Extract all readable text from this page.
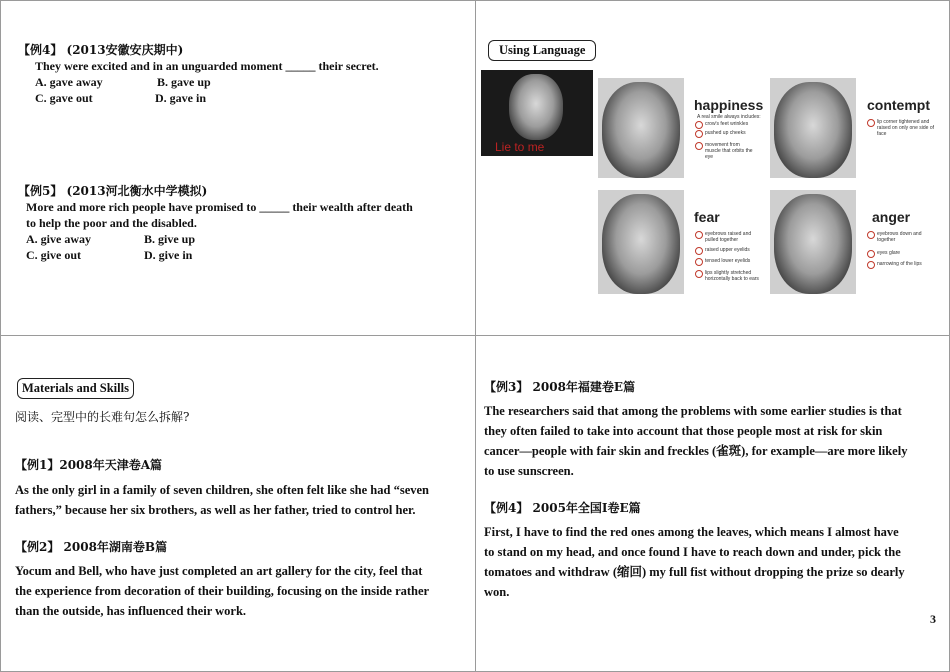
【例4】 (2013安徽安庆期中)
They were excited and in an unguarded moment _____ their secret.
A. gave away	B. gave up
C. gave out	D. gave in
【例5】 (2013河北衡水中学模拟)
More and more rich people have promised to _____ their wealth after death
to help the poor and the disabled.
A. give away	B. give up
C. give out	D. give in
Using Language
Lie to me
happiness
A real smile always includes:
crow's feet wrinkles
pushed up cheeks
movement from muscle that orbits the eye
contempt
lip corner tightened and raised on only one side of face
fear
eyebrows raised and pulled together
raised upper eyelids
tensed lower eyelids
lips slightly stretched horizontally back to ears
anger
eyebrows down and together
eyes glare
narrowing of the lips
Materials and Skills
阅读、完型中的长难句怎么拆解?
【例1】2008年天津卷A篇
As the only girl in a family of seven children, she often felt like she had “seven
fathers,” because her six brothers, as well as her father, tried to control her.
【例2】 2008年湖南卷B篇
Yocum and Bell, who have just completed an art gallery for the city, feel that
the experience from decoration of their building, focusing on the inside rather
than the outside, has influenced their work.
【例3】 2008年福建卷E篇
The researchers said that among the problems with some earlier studies is that
they often failed to take into account that those people most at risk for skin
cancer—people with fair skin and freckles (雀斑), for example—are more likely
to use sunscreen.
【例4】 2005年全国I卷E篇
First, I have to find the red ones among the leaves, which means I almost have
to stand on my head, and once found I have to reach down and under, pick the
tomatoes and withdraw (缩回) my full fist without dropping the prize so dearly
won.
3
